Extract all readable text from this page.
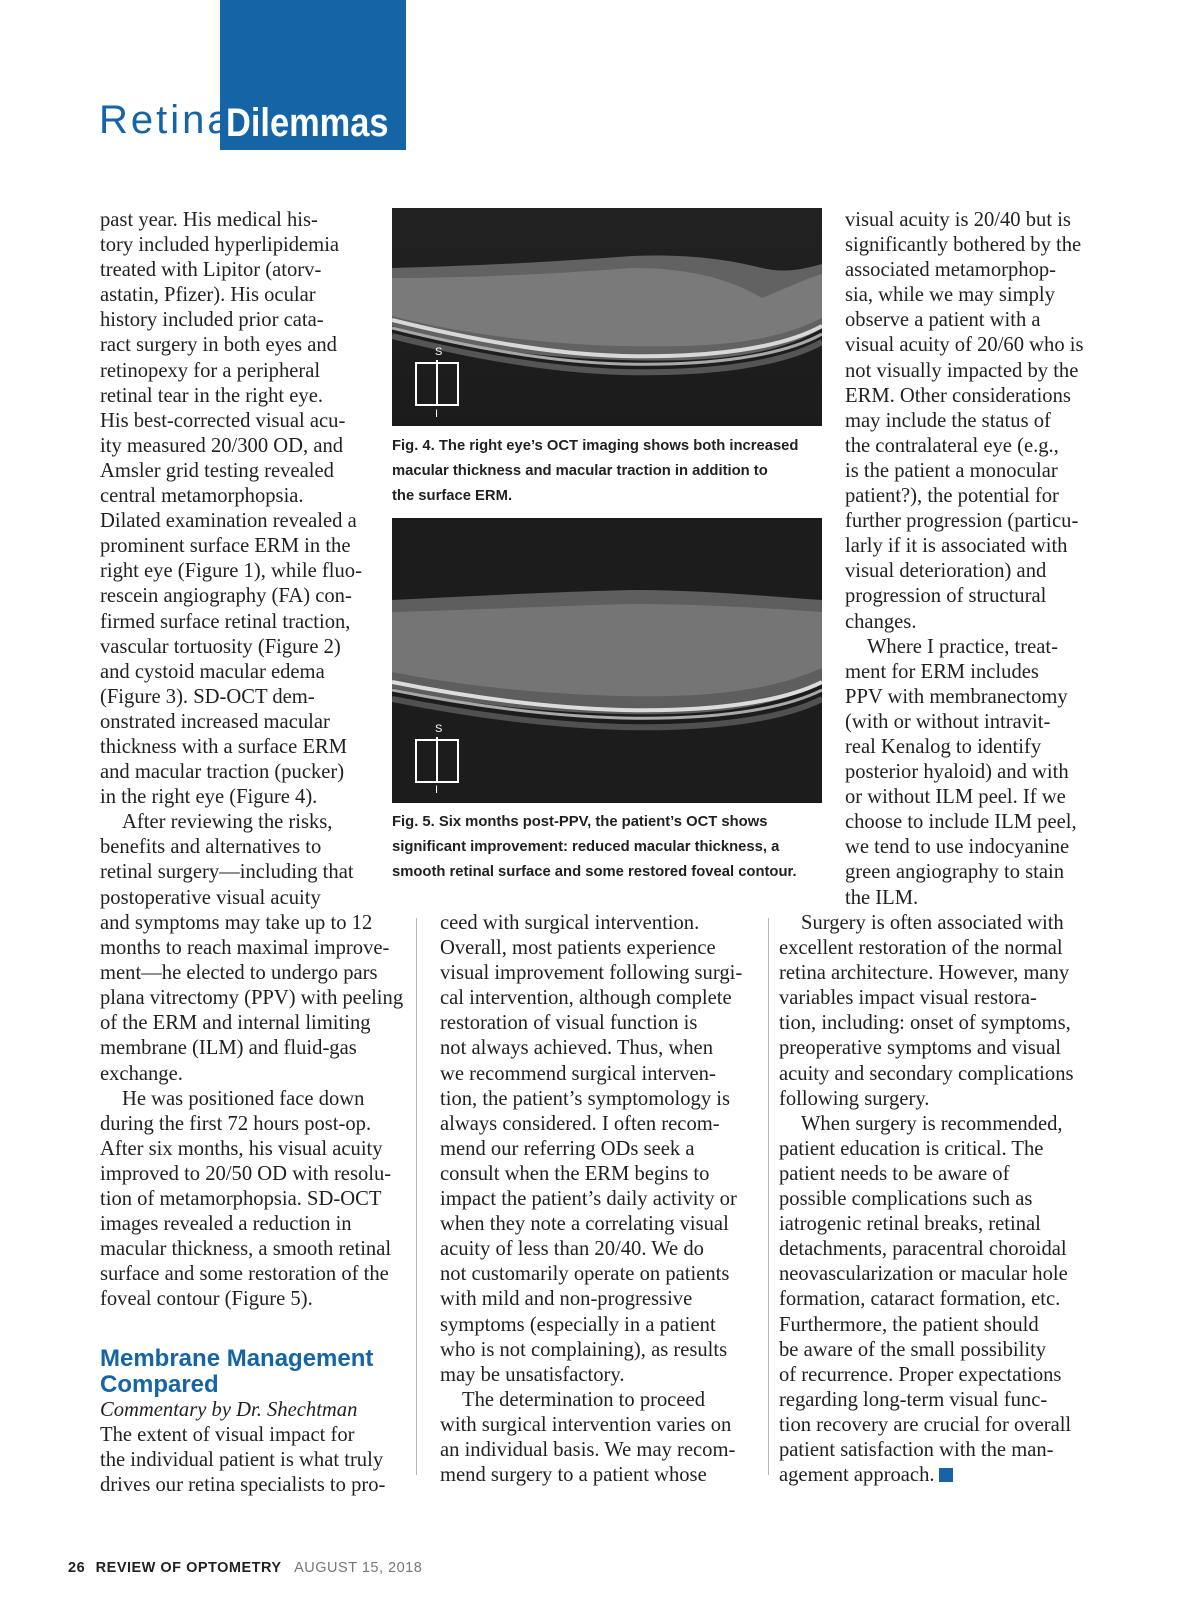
Retina
Dilemmas
past year. His medical his-
tory included hyperlipidemia
treated with Lipitor (atorv-
astatin, Pfizer). His ocular
history included prior cata-
ract surgery in both eyes and
retinopexy for a peripheral
retinal tear in the right eye.
His best-corrected visual acu-
ity measured 20/300 OD, and
Amsler grid testing revealed
central metamorphopsia.
Dilated examination revealed a
prominent surface ERM in the
right eye (Figure 1), while fluo-
rescein angiography (FA) con-
firmed surface retinal traction,
vascular tortuosity (Figure 2)
and cystoid macular edema
(Figure 3). SD-OCT dem-
onstrated increased macular
thickness with a surface ERM
and macular traction (pucker)
in the right eye (Figure 4).
After reviewing the risks,
benefits and alternatives to
retinal surgery—including that
postoperative visual acuity
S
I
Fig. 4. The right eye’s OCT imaging shows both increased
macular thickness and macular traction in addition to
the surface ERM.
S
I
Fig. 5. Six months post-PPV, the patient’s OCT shows
significant improvement: reduced macular thickness, a
smooth retinal surface and some restored foveal contour.
and symptoms may take up to 12
months to reach maximal improve-
ment—he elected to undergo pars
plana vitrectomy (PPV) with peeling
of the ERM and internal limiting
membrane (ILM) and fluid-gas
exchange.
He was positioned face down
during the first 72 hours post-op.
After six months, his visual acuity
improved to 20/50 OD with resolu-
tion of metamorphopsia. SD-OCT
images revealed a reduction in
macular thickness, a smooth retinal
surface and some restoration of the
foveal contour (Figure 5).
Membrane Management
Compared
Commentary by Dr. Shechtman
The extent of visual impact for
the individual patient is what truly
drives our retina specialists to pro-
ceed with surgical intervention.
Overall, most patients experience
visual improvement following surgi-
cal intervention, although complete
restoration of visual function is
not always achieved. Thus, when
we recommend surgical interven-
tion, the patient’s symptomology is
always considered. I often recom-
mend our referring ODs seek a
consult when the ERM begins to
impact the patient’s daily activity or
when they note a correlating visual
acuity of less than 20/40. We do
not customarily operate on patients
with mild and non-progressive
symptoms (especially in a patient
who is not complaining), as results
may be unsatisfactory.
The determination to proceed
with surgical intervention varies on
an individual basis. We may recom-
mend surgery to a patient whose
visual acuity is 20/40 but is
significantly bothered by the
associated metamorphop-
sia, while we may simply
observe a patient with a
visual acuity of 20/60 who is
not visually impacted by the
ERM. Other considerations
may include the status of
the contralateral eye (e.g.,
is the patient a monocular
patient?), the potential for
further progression (particu-
larly if it is associated with
visual deterioration) and
progression of structural
changes.
Where I practice, treat-
ment for ERM includes
PPV with membranectomy
(with or without intravit-
real Kenalog to identify
posterior hyaloid) and with
or without ILM peel. If we
choose to include ILM peel,
we tend to use indocyanine
green angiography to stain
the ILM.
Surgery is often associated with
excellent restoration of the normal
retina architecture. However, many
variables impact visual restora-
tion, including: onset of symptoms,
preoperative symptoms and visual
acuity and secondary complications
following surgery.
When surgery is recommended,
patient education is critical. The
patient needs to be aware of
possible complications such as
iatrogenic retinal breaks, retinal
detachments, paracentral choroidal
neovascularization or macular hole
formation, cataract formation, etc.
Furthermore, the patient should
be aware of the small possibility
of recurrence. Proper expectations
regarding long-term visual func-
tion recovery are crucial for overall
patient satisfaction with the man-
agement approach.
26 REVIEW OF OPTOMETRY AUGUST 15, 2018
